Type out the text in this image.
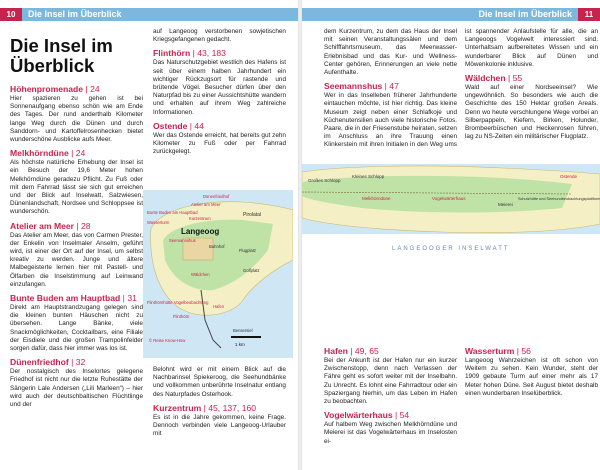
10	Die Insel im Überblick
Die Insel im
Überblick
Höhenpromenade | 24

Hier spazieren zu gehen ist bei Sonnenaufgang ebenso schön wie am Ende des Tages. Der rund anderthalb Kilometer lange Weg durch die Dünen und durch Sanddorn- und Kartoffelrosenhecken bietet wunderschöne Ausblicke aufs Meer.

Melkhörndüne | 24

Als höchste natürliche Erhebung der Insel ist ein Besuch der 19,6 Meter hohen Melkhörndüne geradezu Pflicht. Zu Fuß oder mit dem Fahrrad lässt sie sich gut erreichen und der Blick auf Inselwatt, Salzwiesen, Dünenlandschaft, Nordsee und Schloppsee ist wunderschön.

Atelier am Meer | 28

Das Atelier am Meer, das von Carmen Prester, der Enkelin von Inselmaler Anselm, geführt wird, ist einer der Ort auf der Insel, um selbst kreativ zu werden. Junge und ältere Malbegeisterte lernen hier mit Pastell- und Ölfarben die Inselstimmung auf Leinwand einzufangen.

Bunte Buden am Hauptbad | 31

Direkt am Hauptstrandzugang gelegen sind die kleinen bunten Häuschen nicht zu übersehen. Lange Bänke, viele Snackmöglichkeiten, Cocktailbars, eine Filiale der Eisdiele und die großen Trampolinfelder sorgen dafür, dass hier immer was los ist.

Dünenfriedhof | 32

Der nostalgisch des Inselortes gelegene Friedhof ist nicht nur die letzte Ruhestätte der Sängerin Lale Andersen („Lili Marleen“) – hier wird auch der deutschbaltischen Flüchtlinge und der

auf Langeoog verstorbenen sowjetischen Kriegsgefangenen gedacht.

Flinthörn | 43, 183

Das Naturschutzgebiet westlich des Hafens ist seit über einem halben Jahrhundert ein wichtiger Rückzugsort für rastende und brütende Vögel. Besucher dürfen über den Naturpfad bis zu einer Aussichtshütte wandern und erhalten auf ihrem Weg zahlreiche Informationen.

Ostende | 44

Wer das Ostende erreicht, hat bereits gut zehn Kilometer zu Fuß oder per Fahrrad zurückgelegt.

Belohnt wird er mit einem Blick auf die Nachbarinsel Spiekeroog, die Seehundbänke und vollkommen unberührte Inselnatur entlang des Naturpfades Osterhook.

Kurzentrum | 45, 137, 160

Es ist in die Jahre gekommen, keine Frage. Dennoch verbinden viele Langeoog-Urlauber mit

Langeoog
Pirolatal
Bunte Buden am Hauptbad
Atelier am Meer
Wasserturm
Kurzentrum
Seemannshus
Dünenfriedhof
Bahnhof
Flugplatz
Golfplatz
Wäldchen
Flinthörnhütte Vogelbeobachtung
Flinthörn
Hafen
Bensersiel
1 km
© Reise Know-How
Die Insel im Überblick	11

dem Kurzentrum, zu dem das Haus der Insel mit seinen Veranstaltungssälen und dem Schifffahrtsmuseum, das Meerwasser-Erlebnisbad und das Kur- und Wellness-Center gehören, Erinnerungen an viele nette Aufenthalte.

Seemannshus | 47

Wer in das Inselleben früherer Jahrhunderte eintauchen möchte, ist hier richtig. Das kleine Museum zeigt neben einer Schlafkoje und Küchenutensilien auch viele historische Fotos. Paare, die in der Friesenstube heiraten, setzen im Anschluss an ihre Trauung einen Klinkerstein mit ihren Initialen in den Weg ums

ist spannender Anlaufstelle für alle, die an Langeoogs Vogelwelt interessiert sind. Unterhaltsam aufbereitetes Wissen und ein wunderbarer Blick auf Dünen und Möwenkolonie inklusive.

Wäldchen | 55

Wald auf einer Nordseeinsel? Wie ungewöhnlich. So besonders wie auch die Geschichte des 150 Hektar großen Areals. Denn wo heute verschlungene Wege vorbei an Silberpappeln, Kiefern, Birken, Holunder, Brombeerbüschen und Heckenrosen führen, lag zu NS-Zeiten ein militärischer Flugplatz.

Großes Schlopp
Kleines Schlopp
Melkhörndüne	Vogelwärterhaus
Meierei
Ostende
Schutzhütte und Seehundbeobachtungsplattform
LANGEOOGER INSELWATT
Hafen | 49, 65

Bei der Ankunft ist der Hafen nur ein kurzer Zwischenstopp, denn nach Verlassen der Fähre geht es sofort weiter mit der Inselbahn. Zu Unrecht. Es lohnt eine Fahrradtour oder ein Spaziergang hierhin, um das Leben im Hafen zu beobachten.

Vogelwärterhaus | 54

Auf halbem Weg zwischen Melkhörndüne und Meierei ist das Vogelwärterhaus im Inselosten ei-

Wasserturm | 56

Langeoog Wahrzeichen ist oft schon von Weitem zu sehen. Kein Wunder, steht der 1909 gebaute Turm auf einer mehr als 17 Meter hohen Düne. Seit August bietet deshalb einen wunderbaren Inselüberblick.
